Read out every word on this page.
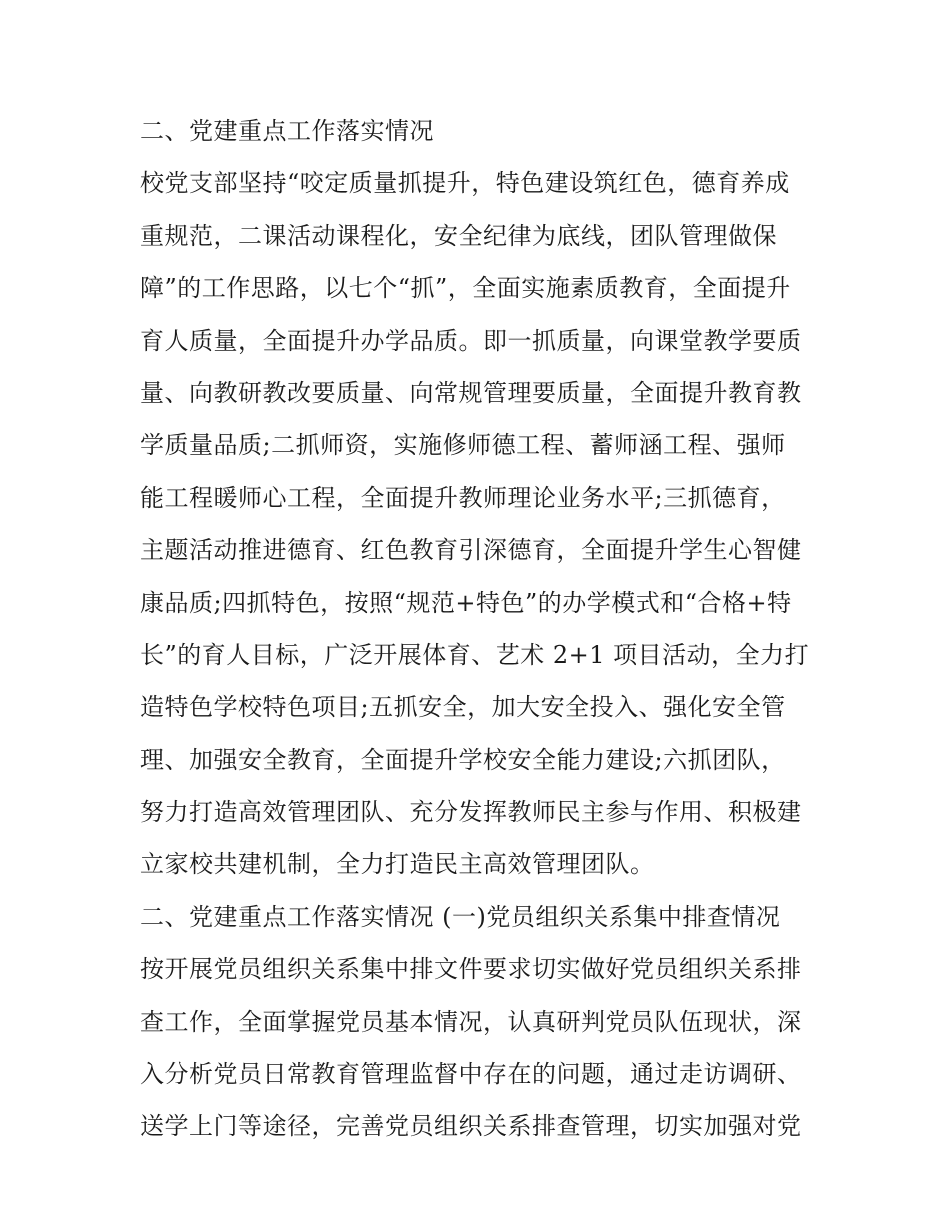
二、党建重点工作落实情况
校党支部坚持“咬定质量抓提升，特色建设筑红色，德育养成
重规范，二课活动课程化，安全纪律为底线，团队管理做保
障”的工作思路，以七个“抓”，全面实施素质教育，全面提升
育人质量，全面提升办学品质。即一抓质量，向课堂教学要质
量、向教研教改要质量、向常规管理要质量，全面提升教育教
学质量品质;二抓师资，实施修师德工程、蓄师涵工程、强师
能工程暖师心工程，全面提升教师理论业务水平;三抓德育，
主题活动推进德育、红色教育引深德育，全面提升学生心智健
康品质;四抓特色，按照“规范+特色”的办学模式和“合格+特
长”的育人目标，广泛开展体育、艺术 2+1 项目活动，全力打
造特色学校特色项目;五抓安全，加大安全投入、强化安全管
理、加强安全教育，全面提升学校安全能力建设;六抓团队，
努力打造高效管理团队、充分发挥教师民主参与作用、积极建
立家校共建机制，全力打造民主高效管理团队。
二、党建重点工作落实情况 (一)党员组织关系集中排查情况
按开展党员组织关系集中排文件要求切实做好党员组织关系排
查工作，全面掌握党员基本情况，认真研判党员队伍现状，深
入分析党员日常教育管理监督中存在的问题，通过走访调研、
送学上门等途径，完善党员组织关系排查管理，切实加强对党
